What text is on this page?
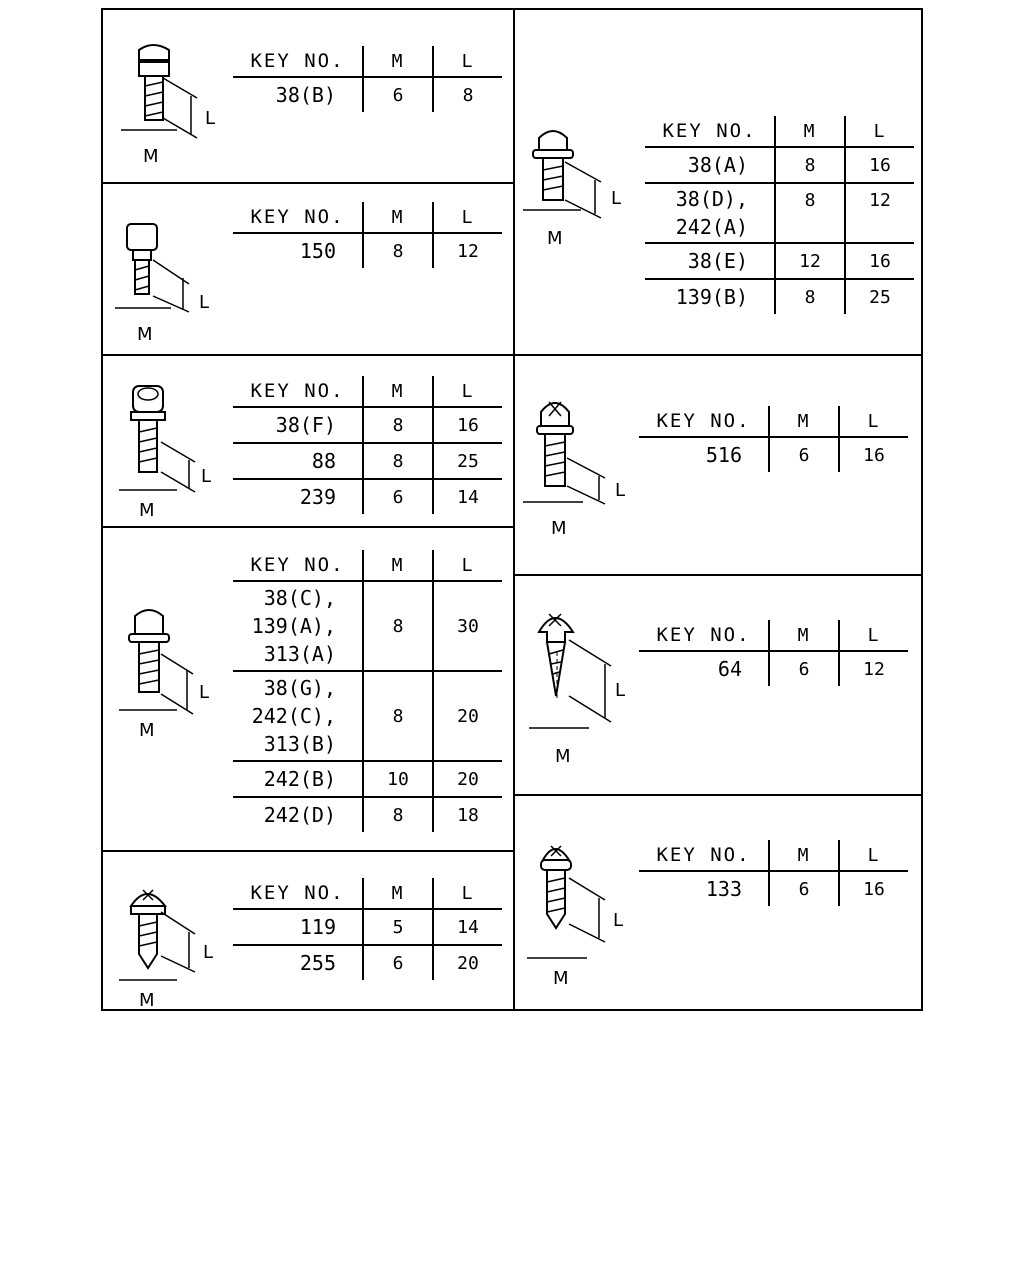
L
M
KEY NO.	M	L
38(B)	6	8
L
M
KEY NO.	M	L
150	8	12
L
M
KEY NO.	M	L
38(F)	8	16
88	8	25
239	6	14
L
M
KEY NO.	M	L

38(C),
139(A),
313(A)	8	30

38(G),
242(C),
313(B)	8	20
242(B)	10	20
242(D)	8	18
L
M
KEY NO.	M	L
119	5	14
255	6	20
L
M
KEY NO.	M	L
38(A)	8	16

38(D),
242(A)	8	12
38(E)	12	16
139(B)	8	25
L
M
KEY NO.	M	L
516	6	16
L
M
KEY NO.	M	L
64	6	12
L
M
KEY NO.	M	L
133	6	16
